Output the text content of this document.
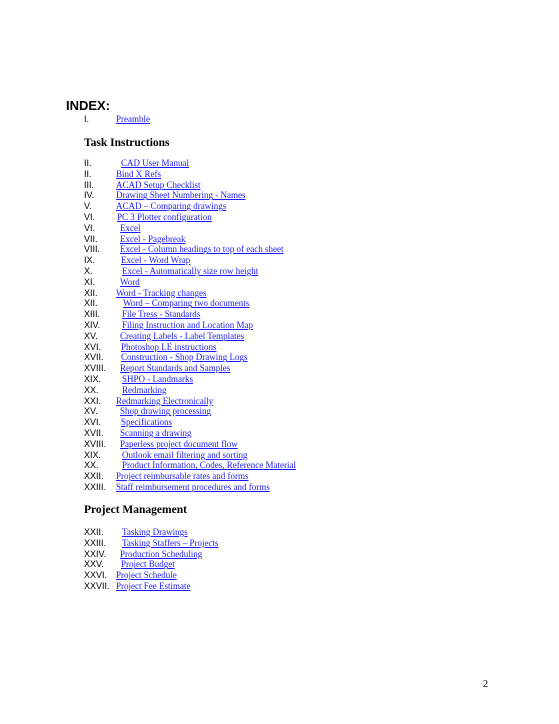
INDEX:
I.	Preamble
Task Instructions
II.	CAD User Manual
II.	Bind X Refs
III. ACAD Setup Checklist
IV. Drawing Sheet Numbering - Names
V.	ACAD – Comparing drawings
VI. PC 3 Plotter configuration
VI.	Excel
VII. Excel - Pagebreak
VIII. Excel - Column headings to top of each sheet
IX.	Excel - Word Wrap
X.	Excel - Automatically size row height
XI.	Word
XII. Word - Tracking changes
XII.	Word – Comparing two documents
XIII. File Tress - Standards
XIV. Filing Instruction and Location Map
XV. Creating Labels - Label Templates
XVI. Photoshop LE instructions
XVII. Construction - Shop Drawing Logs
XVIII. Report Standards and Samples
XIX. SHPO - Landmarks
XX.	Redmarking
XXI. Redmarking Electronically
XV. Shop drawing processing
XVI. Specifications
XVII. Scanning a drawing
XVIII. Paperless project document flow
XIX. Outlook email filtering and sorting
XX.	Product Information, Codes, Reference Material
XXII. Project reimbursable rates and forms
XXIII. Staff reimbursement procedures and forms
Project Management
XXII. Tasking Drawings
XXIII. Tasking Staffers – Projects
XXIV. Production Scheduling
XXV. Project Budget
XXVI. Project Schedule
XXVII. Project Fee Estimate
2
